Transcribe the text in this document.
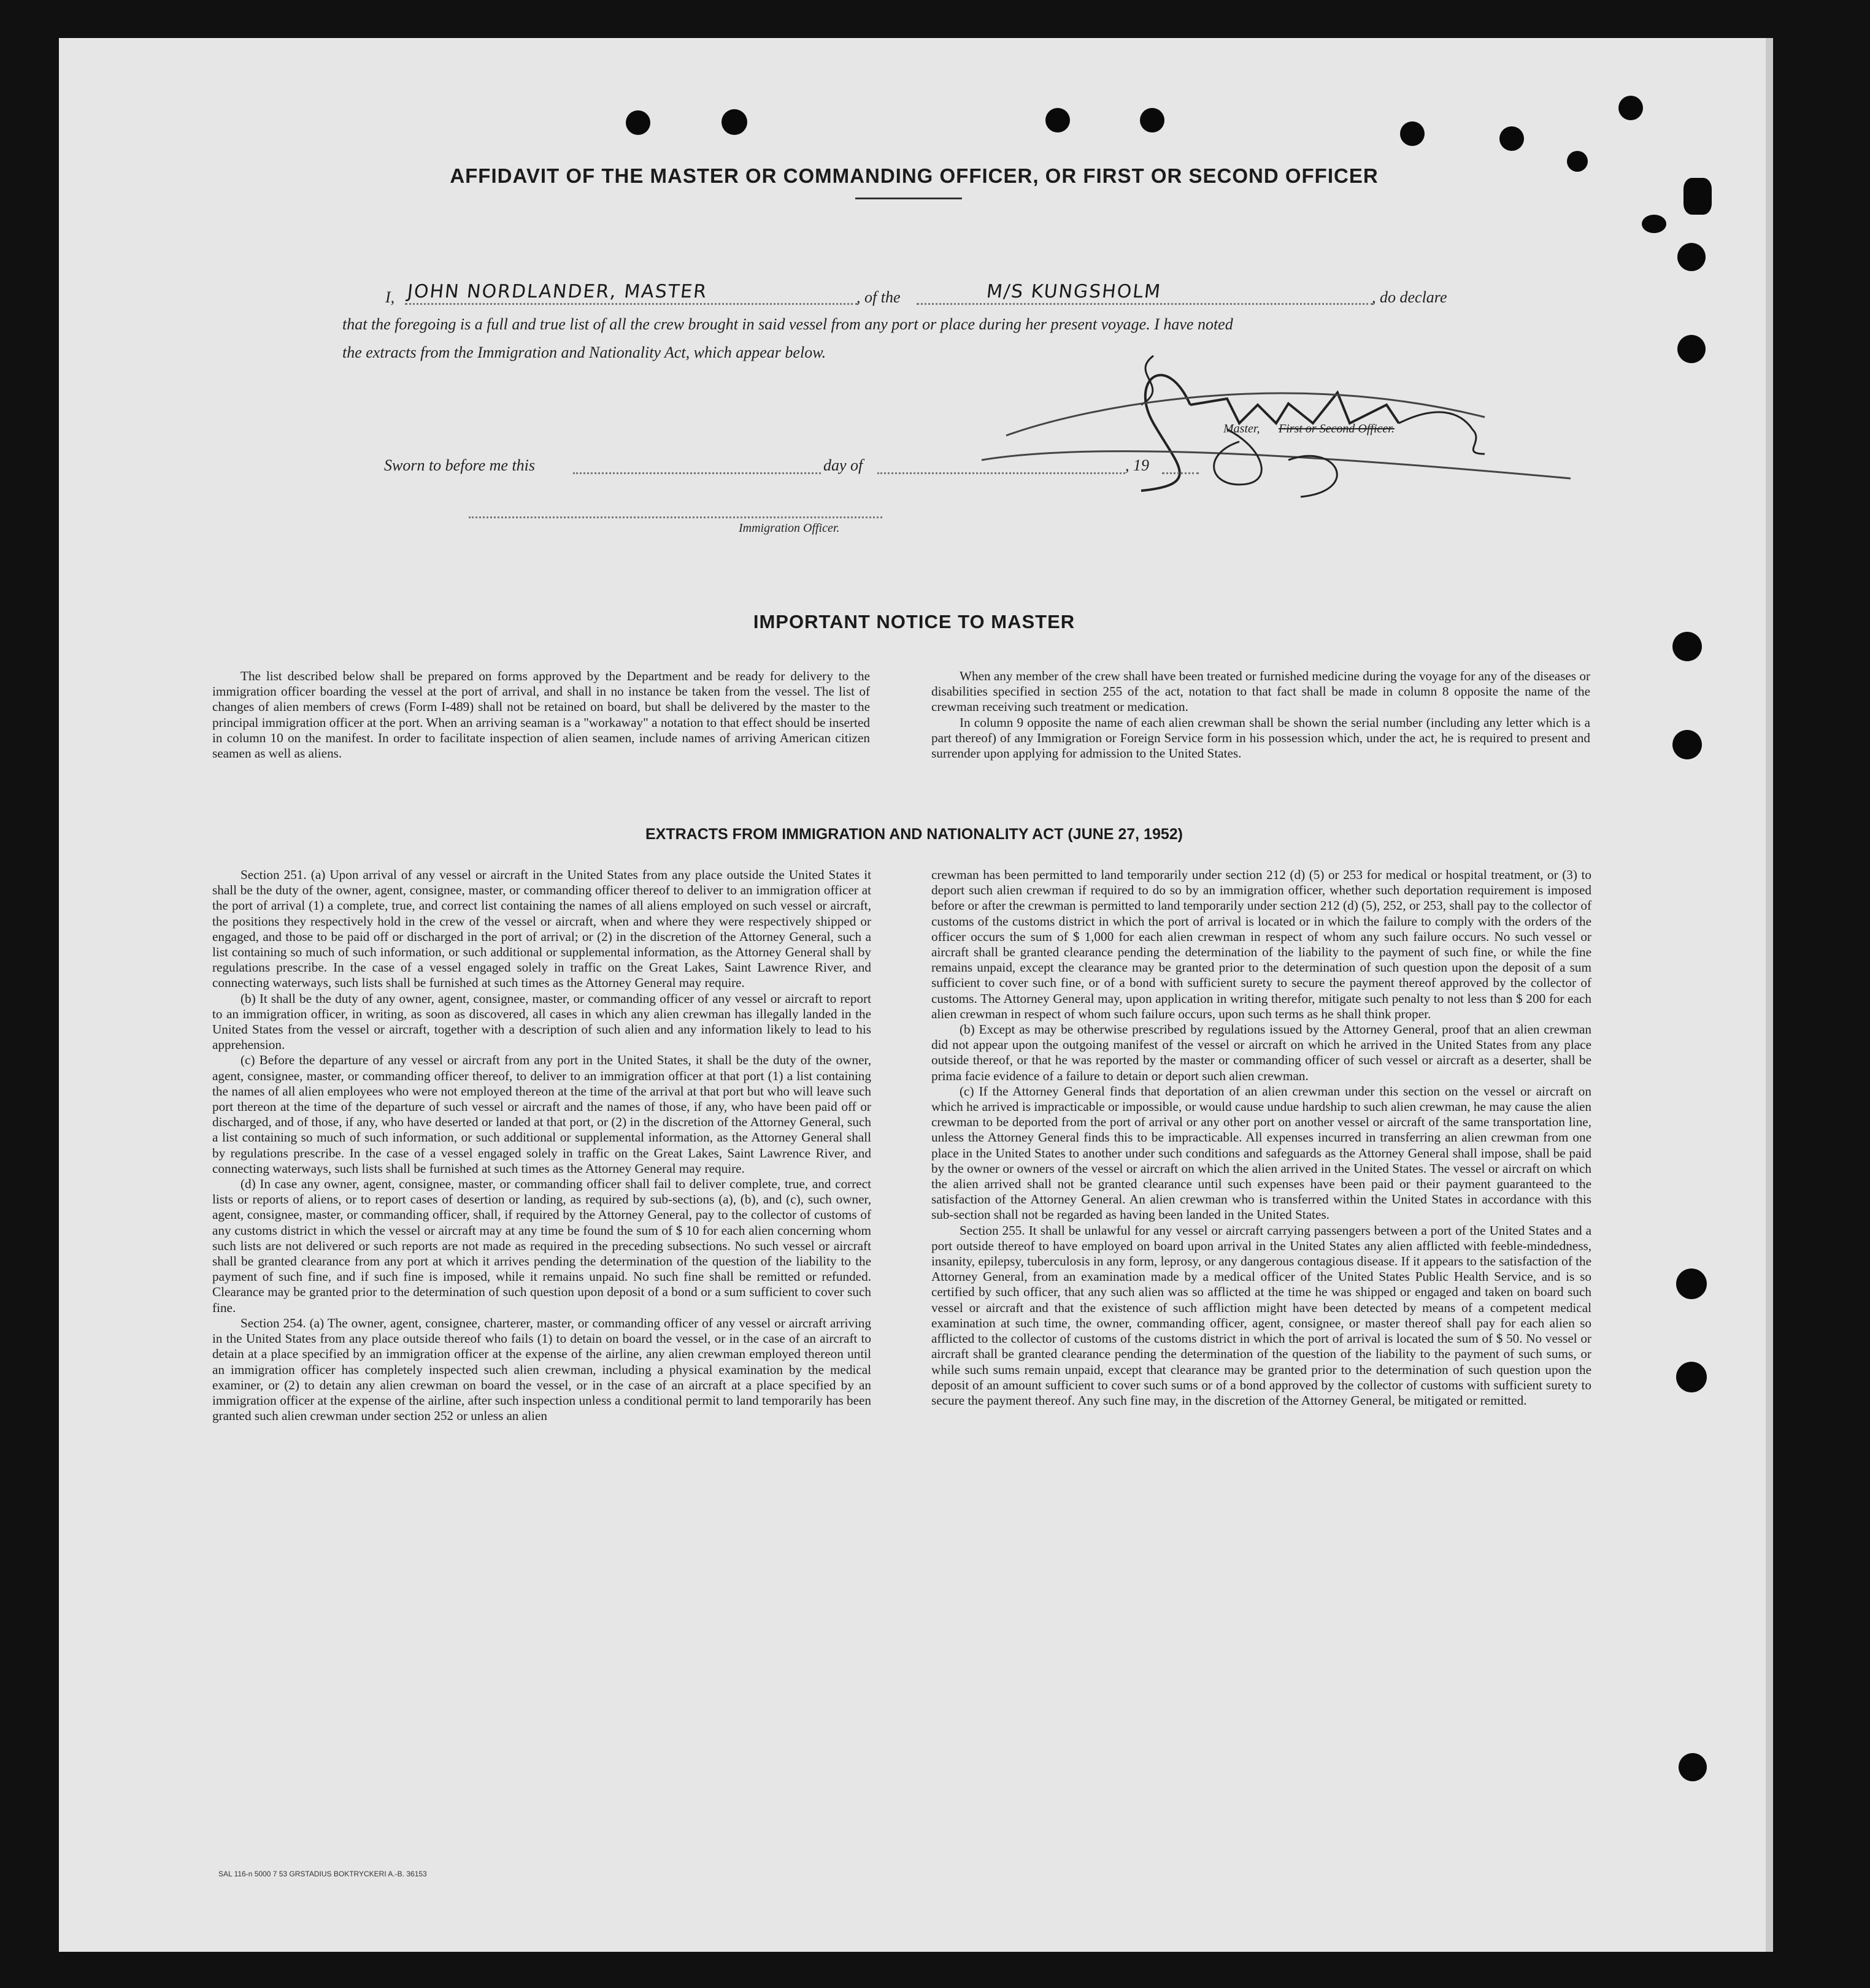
AFFIDAVIT OF THE MASTER OR COMMANDING OFFICER, OR FIRST OR SECOND OFFICER
I, JOHN NORDLANDER, MASTER	, of the	M/S KUNGSHOLM	, do declare
that the foregoing is a full and true list of all the crew brought in said vessel from any port or place during her present voyage. I have noted
the extracts from the Immigration and Nationality Act, which appear below.
Master, First or Second Officer.
Sworn to before me this	day of	, 19
Immigration Officer.
IMPORTANT NOTICE TO MASTER

The list described below shall be prepared on forms approved by the Department and be ready for delivery to the immigration officer boarding the vessel at the port of arrival, and shall in no instance be taken from the vessel. The list of changes of alien members of crews (Form I-489) shall not be retained on board, but shall be delivered by the master to the principal immigration officer at the port. When an arriving seaman is a "workaway" a notation to that effect should be inserted in column 10 on the manifest. In order to facilitate inspection of alien seamen, include names of arriving American citizen seamen as well as aliens.

When any member of the crew shall have been treated or furnished medicine during the voyage for any of the diseases or disabilities specified in section 255 of the act, notation to that fact shall be made in column 8 opposite the name of the crewman receiving such treatment or medication.

In column 9 opposite the name of each alien crewman shall be shown the serial number (including any letter which is a part thereof) of any Immigration or Foreign Service form in his possession which, under the act, he is required to present and surrender upon applying for admission to the United States.

EXTRACTS FROM IMMIGRATION AND NATIONALITY ACT (JUNE 27, 1952)

Section 251. (a) Upon arrival of any vessel or aircraft in the United States from any place outside the United States it shall be the duty of the owner, agent, consignee, master, or commanding officer thereof to deliver to an immigration officer at the port of arrival (1) a complete, true, and correct list containing the names of all aliens employed on such vessel or aircraft, the positions they respectively hold in the crew of the vessel or aircraft, when and where they were respectively shipped or engaged, and those to be paid off or discharged in the port of arrival; or (2) in the discretion of the Attorney General, such a list containing so much of such information, or such additional or supplemental information, as the Attorney General shall by regulations prescribe. In the case of a vessel engaged solely in traffic on the Great Lakes, Saint Lawrence River, and connecting waterways, such lists shall be furnished at such times as the Attorney General may require.

(b) It shall be the duty of any owner, agent, consignee, master, or commanding officer of any vessel or aircraft to report to an immigration officer, in writing, as soon as discovered, all cases in which any alien crewman has illegally landed in the United States from the vessel or aircraft, together with a description of such alien and any information likely to lead to his apprehension.

(c) Before the departure of any vessel or aircraft from any port in the United States, it shall be the duty of the owner, agent, consignee, master, or commanding officer thereof, to deliver to an immigration officer at that port (1) a list containing the names of all alien employees who were not employed thereon at the time of the arrival at that port but who will leave such port thereon at the time of the departure of such vessel or aircraft and the names of those, if any, who have been paid off or discharged, and of those, if any, who have deserted or landed at that port, or (2) in the discretion of the Attorney General, such a list containing so much of such information, or such additional or supplemental information, as the Attorney General shall by regulations prescribe. In the case of a vessel engaged solely in traffic on the Great Lakes, Saint Lawrence River, and connecting waterways, such lists shall be furnished at such times as the Attorney General may require.

(d) In case any owner, agent, consignee, master, or commanding officer shall fail to deliver complete, true, and correct lists or reports of aliens, or to report cases of desertion or landing, as required by sub-sections (a), (b), and (c), such owner, agent, consignee, master, or commanding officer, shall, if required by the Attorney General, pay to the collector of customs of any customs district in which the vessel or aircraft may at any time be found the sum of $ 10 for each alien concerning whom such lists are not delivered or such reports are not made as required in the preceding subsections. No such vessel or aircraft shall be granted clearance from any port at which it arrives pending the determination of the question of the liability to the payment of such fine, and if such fine is imposed, while it remains unpaid. No such fine shall be remitted or refunded. Clearance may be granted prior to the determination of such question upon deposit of a bond or a sum sufficient to cover such fine.

Section 254. (a) The owner, agent, consignee, charterer, master, or commanding officer of any vessel or aircraft arriving in the United States from any place outside thereof who fails (1) to detain on board the vessel, or in the case of an aircraft to detain at a place specified by an immigration officer at the expense of the airline, any alien crewman employed thereon until an immigration officer has completely inspected such alien crewman, including a physical examination by the medical examiner, or (2) to detain any alien crewman on board the vessel, or in the case of an aircraft at a place specified by an immigration officer at the expense of the airline, after such inspection unless a conditional permit to land temporarily has been granted such alien crewman under section 252 or unless an alien

crewman has been permitted to land temporarily under section 212 (d) (5) or 253 for medical or hospital treatment, or (3) to deport such alien crewman if required to do so by an immigration officer, whether such deportation requirement is imposed before or after the crewman is permitted to land temporarily under section 212 (d) (5), 252, or 253, shall pay to the collector of customs of the customs district in which the port of arrival is located or in which the failure to comply with the orders of the officer occurs the sum of $ 1,000 for each alien crewman in respect of whom any such failure occurs. No such vessel or aircraft shall be granted clearance pending the determination of the liability to the payment of such fine, or while the fine remains unpaid, except the clearance may be granted prior to the determination of such question upon the deposit of a sum sufficient to cover such fine, or of a bond with sufficient surety to secure the payment thereof approved by the collector of customs. The Attorney General may, upon application in writing therefor, mitigate such penalty to not less than $ 200 for each alien crewman in respect of whom such failure occurs, upon such terms as he shall think proper.

(b) Except as may be otherwise prescribed by regulations issued by the Attorney General, proof that an alien crewman did not appear upon the outgoing manifest of the vessel or aircraft on which he arrived in the United States from any place outside thereof, or that he was reported by the master or commanding officer of such vessel or aircraft as a deserter, shall be prima facie evidence of a failure to detain or deport such alien crewman.

(c) If the Attorney General finds that deportation of an alien crewman under this section on the vessel or aircraft on which he arrived is impracticable or impossible, or would cause undue hardship to such alien crewman, he may cause the alien crewman to be deported from the port of arrival or any other port on another vessel or aircraft of the same transportation line, unless the Attorney General finds this to be impracticable. All expenses incurred in transferring an alien crewman from one place in the United States to another under such conditions and safeguards as the Attorney General shall impose, shall be paid by the owner or owners of the vessel or aircraft on which the alien arrived in the United States. The vessel or aircraft on which the alien arrived shall not be granted clearance until such expenses have been paid or their payment guaranteed to the satisfaction of the Attorney General. An alien crewman who is transferred within the United States in accordance with this sub-section shall not be regarded as having been landed in the United States.

Section 255. It shall be unlawful for any vessel or aircraft carrying passengers between a port of the United States and a port outside thereof to have employed on board upon arrival in the United States any alien afflicted with feeble-mindedness, insanity, epilepsy, tuberculosis in any form, leprosy, or any dangerous contagious disease. If it appears to the satisfaction of the Attorney General, from an examination made by a medical officer of the United States Public Health Service, and is so certified by such officer, that any such alien was so afflicted at the time he was shipped or engaged and taken on board such vessel or aircraft and that the existence of such affliction might have been detected by means of a competent medical examination at such time, the owner, commanding officer, agent, consignee, or master thereof shall pay for each alien so afflicted to the collector of customs of the customs district in which the port of arrival is located the sum of $ 50. No vessel or aircraft shall be granted clearance pending the determination of the question of the liability to the payment of such sums, or while such sums remain unpaid, except that clearance may be granted prior to the determination of such question upon the deposit of an amount sufficient to cover such sums or of a bond approved by the collector of customs with sufficient surety to secure the payment thereof. Any such fine may, in the discretion of the Attorney General, be mitigated or remitted.

SAL 116-n 5000 7 53 GRSTADIUS BOKTRYCKERI A.-B. 36153
